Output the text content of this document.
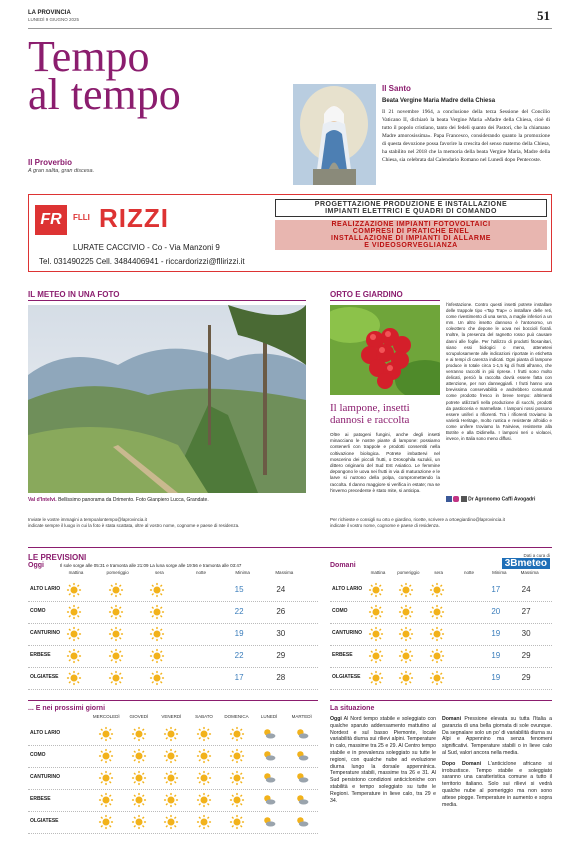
LA PROVINCIA
LUNEDÌ 9 GIUGNO 2025	51
Tempo
al tempo
Il Proverbio
A gran salita, gran discesa.
Il Santo
Beata Vergine Maria Madre della Chiesa
Il 21 novembre 1964, a conclusione della terza Sessione del Concilio Vaticano II, dichiarò la beata Vergine Maria «Madre della Chiesa, cioè di tutto il popolo cristiano, tanto dei fedeli quanto dei Pastori, che la chiamano Madre amorosissima». Papa Francesco, considerando quanto la promozione di questa devozione possa favorire la crescita del senso materno della Chiesa, ha stabilito nel 2018 che la memoria della beata Vergine Maria, Madre della Chiesa, sia celebrata dal Calendario Romano nel Lunedì dopo Pentecoste.
FR	FLLI RIZZI
LURATE CACCIVIO - Co - Via Manzoni 9
Tel. 031490225 Cell. 3484406941 - riccardorizzi@fllirizzi.it
PROGETTAZIONE PRODUZIONE E INSTALLAZIONE
IMPIANTI ELETTRICI E QUADRI DI COMANDO
REALIZZAZIONE IMPIANTI FOTOVOLTAICI
COMPRESI DI PRATICHE ENEL
INSTALLAZIONE DI IMPIANTI DI ALLARME
E VIDEOSORVEGLIANZA
IL METEO IN UNA FOTO
Val d'Intelvi. Bellissimo panorama da Drimento. Foto Gianpiero Lucca, Grandate.
Inviate le vostre immagini a tempoalontempo@laprovincia.it
indicate sempre il luogo in cui la foto è stata scattata, oltre al vostro nome, cognome e paese di residenza.
ORTO E GIARDINO
Il lampone, insetti dannosi e raccolta
Oltre ai patogeni fungini, anche degli insetti minacciano le nostre piante di lampone: possiamo contenerli con trappole e prodotti consentiti nella coltivazione biologica. Potrete imbattervi nel moscerino dei piccoli frutti, o Drosophila suzukii, un dittero originario del Sud Est Asiatico. Le femmine depongono le uova nei frutti in via di maturazione e le larve si nutrono della polpa, compromettendo la raccolta. Il danno maggiore si verifica in estate; ma se l'inverno precedente è stato mite, si anticipa.
l'infestazione. Contro questi insetti potrete installare delle trappole tipo «Tap Trap» o installare delle reti, come rivestimento di una serra, a maglie inferiori a un mm. Un altro insetto dannoso è l'antonomo, un coleottero che depone le uova nei boccioli fiorali. Inoltre, la presenza del ragnetto rosso può causare danni alle foglie. Per l'utilizzo di prodotti fitosanitari, siano essi biologici o meno, attenetevi scrupolosamente alle indicazioni riportate in etichetta e ai tempi di carenza indicati. Ogni pianta di lampone produce in totale circa 1-1,5 kg di frutti all'anno, che verranno raccolti in più riprese. I frutti sono molto delicati, perciò la raccolta dovrà essere fatta con attenzione, per non danneggiarli. I frutti hanno una brevissima conservabilità e andrebbero consumati come prodotto fresco in breve tempo: altrimenti potrete utilizzarli nella produzione di succhi, prodotti da pasticceria e marmellate. I lamponi rossi possono essere uniferi o rifiorenti. Tra i rifiorenti troviamo la varietà Heritage, molto rustica e resistente all'oidio e come unifere troviamo la Fairview, resistente alla Botrite e alla Didimella. I lamponi neri o violacei, invece, in Italia sono meno diffusi.
Dr Agronomo Caffi Avogadri
Per richieste e consigli su orto e giardino, ricette, scrivere a ortoegiardino@laprovincia.it
indicate il vostro nome, cognome e paese di residenza.
LE PREVISIONI	Dati a cura di
3Bmeteo
Oggi	Il sole sorge alle 05:31 e tramonta alle 21:09 La luna sorge alle 19:56 e tramonta alle 03:47	Domani
mattina	pomeriggio	sera	notte	Minima	Massima
ALTO LARIO	15	24
COMO	22	26
CANTURINO	19	30
ERBESE	22	29
OLGIATESE	17	28
mattina	pomeriggio	sera	notte	Minima	Massima
ALTO LARIO	17	24
COMO	20	27
CANTURINO	19	30
ERBESE	19	29
OLGIATESE	19	29
... E nei prossimi giorni
MERCOLEDÌ	GIOVEDÌ	VENERDÌ	SABATO	DOMENICA	LUNEDÌ	MARTEDÌ
ALTO LARIO
COMO
CANTURINO
ERBESE
OLGIATESE
La situazione
Oggi Al Nord tempo stabile e soleggiato con qualche sparuto addensamento mattutino al Nordest e sul basso Piemonte, locale variabilità diurna sui rilievi alpini. Temperature in calo, massime tra 25 e 29. Al Centro tempo stabile e in prevalenza soleggiato su tutte le regioni, con qualche nube ad evoluzione diurna lungo la dorsale appenninica. Temperature stabili, massime tra 26 e 31. Al Sud persistono condizioni anticicloniche con stabilità e tempo soleggiato su tutte le Regioni. Temperature in lieve calo, tra 29 e 34.
Domani Pressione elevata su tutta l'Italia a garanzia di una bella giornata di sole ovunque. Da segnalare solo un po' di variabilità diurna su Alpi e Appennino ma senza fenomeni significativi. Temperature stabili o in lieve calo al Sud, valori ancora nella media.
Dopo Domani L'anticiclone africano si irrobustisce. Tempo stabile e soleggiato saranno una caratteristica comune a tutto il territorio italiano. Solo sui rilievi si vedrà qualche nube al pomeriggio ma non sono attese piogge. Temperature in aumento e sopra media.
